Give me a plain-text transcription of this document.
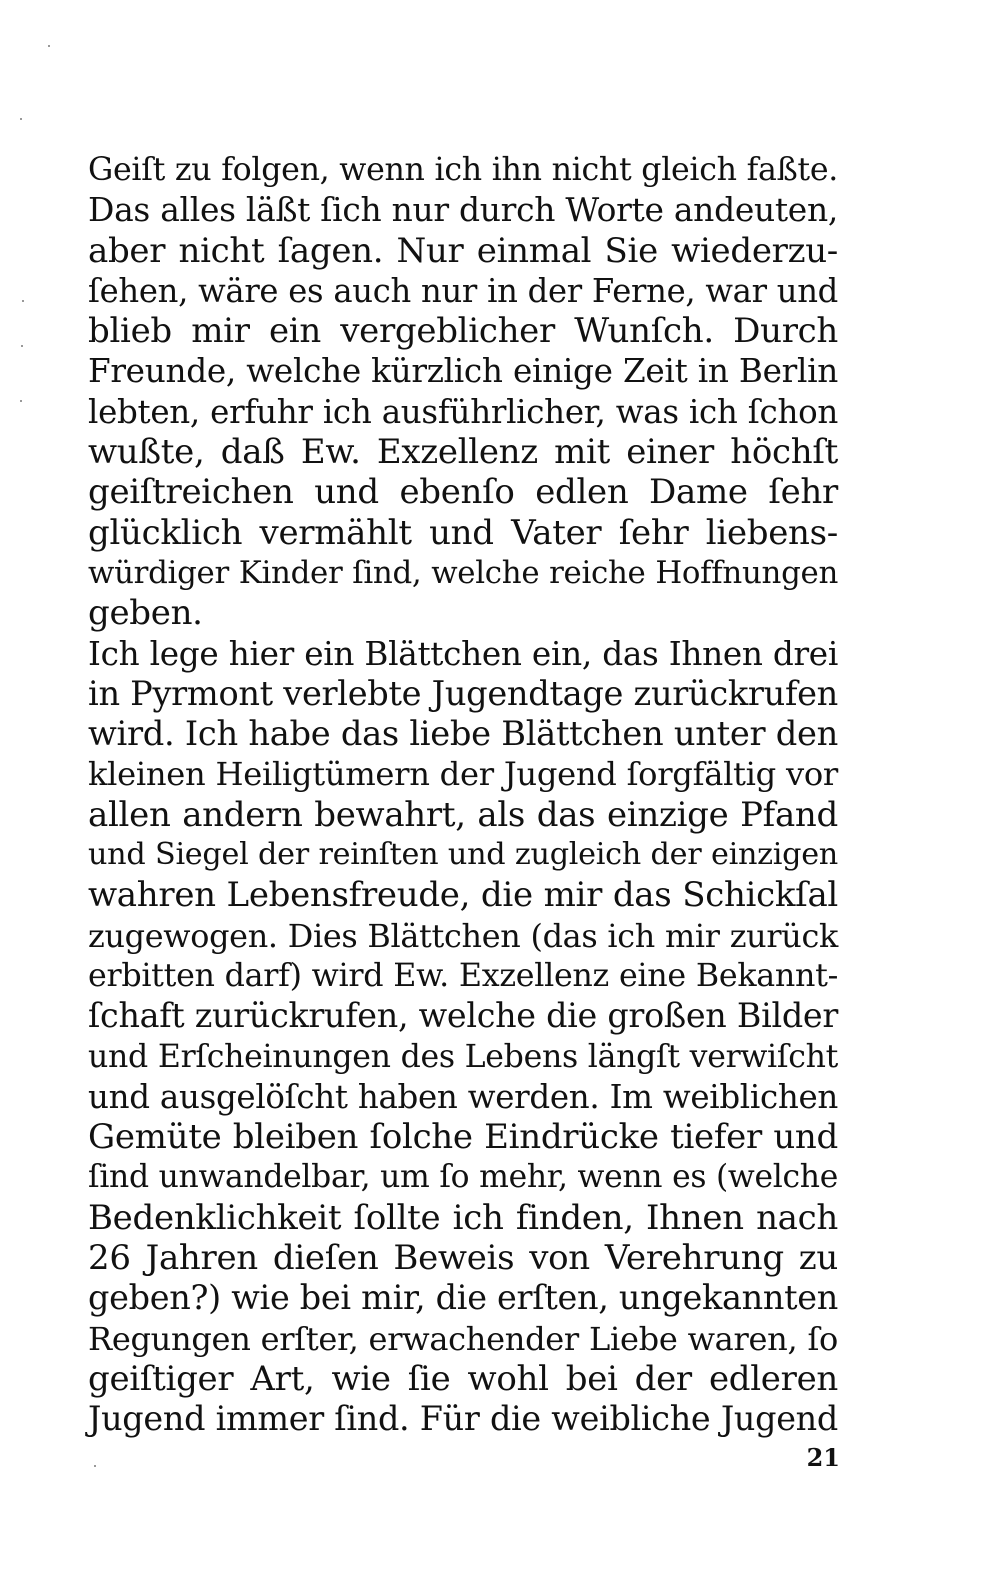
Geiſt zu folgen, wenn ich ihn nicht gleich faßte.
Das alles läßt ſich nur durch Worte andeuten,
aber nicht ſagen. Nur einmal Sie wiederzu-
ſehen, wäre es auch nur in der Ferne, war und
blieb mir ein vergeblicher Wunſch. Durch
Freunde, welche kürzlich einige Zeit in Berlin
lebten, erfuhr ich ausführlicher, was ich ſchon
wußte, daß Ew. Exzellenz mit einer höchſt
geiſtreichen und ebenſo edlen Dame ſehr
glücklich vermählt und Vater ſehr liebens-
würdiger Kinder ſind, welche reiche Hoffnungen
geben.
Ich lege hier ein Blättchen ein, das Ihnen drei
in Pyrmont verlebte Jugendtage zurückrufen
wird. Ich habe das liebe Blättchen unter den
kleinen Heiligtümern der Jugend ſorgfältig vor
allen andern bewahrt, als das einzige Pfand
und Siegel der reinſten und zugleich der einzigen
wahren Lebensfreude, die mir das Schickſal
zugewogen. Dies Blättchen (das ich mir zurück
erbitten darf) wird Ew. Exzellenz eine Bekannt-
ſchaft zurückrufen, welche die großen Bilder
und Erſcheinungen des Lebens längſt verwiſcht
und ausgelöſcht haben werden. Im weiblichen
Gemüte bleiben ſolche Eindrücke tiefer und
ſind unwandelbar, um ſo mehr, wenn es (welche
Bedenklichkeit ſollte ich finden, Ihnen nach
26 Jahren dieſen Beweis von Verehrung zu
geben?) wie bei mir, die erſten, ungekannten
Regungen erſter, erwachender Liebe waren, ſo
geiſtiger Art, wie ſie wohl bei der edleren
Jugend immer ſind. Für die weibliche Jugend
21
